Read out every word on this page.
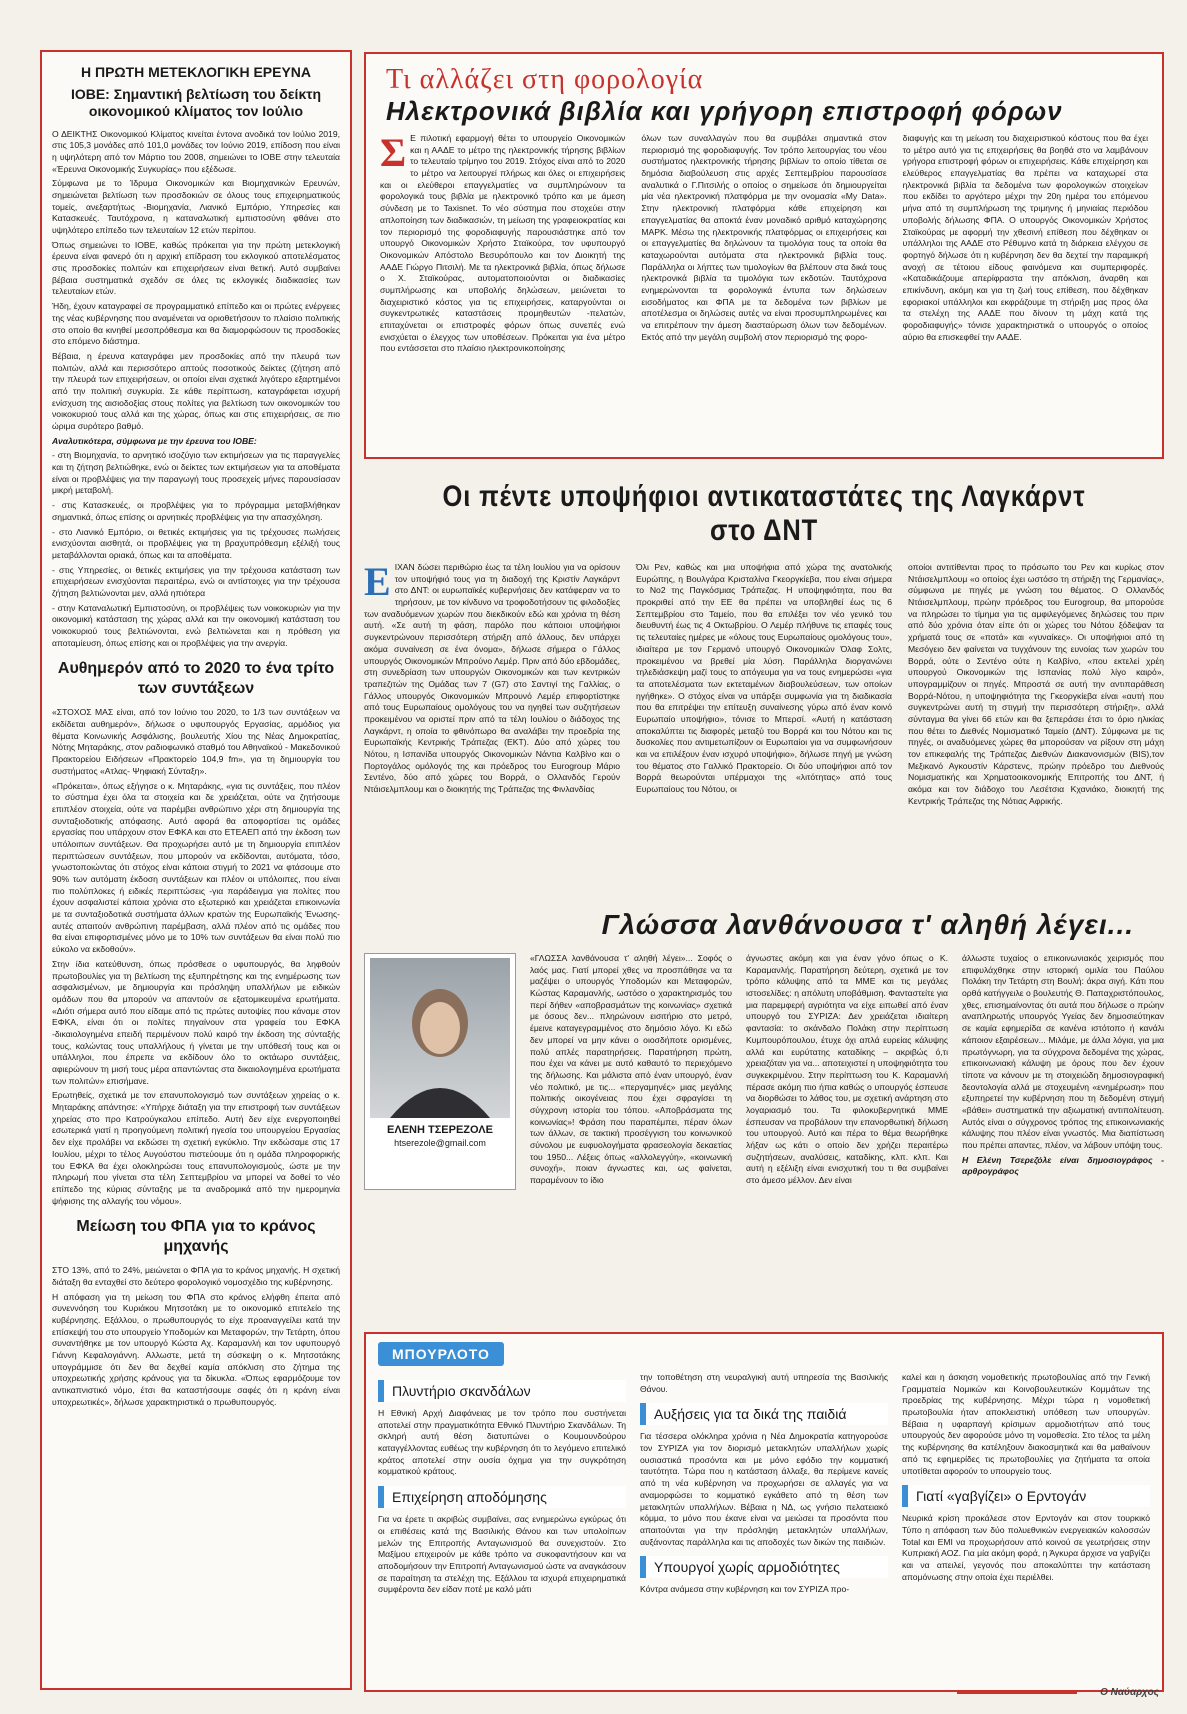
Η ΠΡΩΤΗ ΜΕΤΕΚΛΟΓΙΚΗ ΕΡΕΥΝΑ
ΙΟΒΕ: Σημαντική βελτίωση του δείκτη οικονομικού κλίματος τον Ιούλιο

Ο ΔΕΙΚΤΗΣ Οικονομικού Κλίματος κινείται έντονα ανοδικά τον Ιούλιο 2019, στις 105,3 μονάδες από 101,0 μονάδες τον Ιούνιο 2019, επίδοση που είναι η υψηλότερη από τον Μάρτιο του 2008, σημειώνει το ΙΟΒΕ στην τελευταία «Έρευνα Οικονομικής Συγκυρίας» που εξέδωσε.

Σύμφωνα με το Ίδρυμα Οικονομικών και Βιομηχανικών Ερευνών, σημειώνεται βελτίωση των προσδοκιών σε όλους τους επιχειρηματικούς τομείς, ανεξαρτήτως -Βιομηχανία, Λιανικό Εμπόριο, Υπηρεσίες και Κατασκευές. Ταυτόχρονα, η καταναλωτική εμπιστοσύνη φθάνει στο υψηλότερο επίπεδο των τελευταίων 12 ετών περίπου.

Όπως σημειώνει το ΙΟΒΕ, καθώς πρόκειται για την πρώτη μετεκλογική έρευνα είναι φανερό ότι η αρχική επίδραση του εκλογικού αποτελέσματος στις προσδοκίες πολιτών και επιχειρήσεων είναι θετική. Αυτό συμβαίνει βέβαια συστηματικά σχεδόν σε όλες τις εκλογικές διαδικασίες των τελευταίων ετών.

Ήδη, έχουν καταγραφεί σε προγραμματικό επίπεδο και οι πρώτες ενέργειες της νέας κυβέρνησης που αναμένεται να οριοθετήσουν το πλαίσιο πολιτικής στο οποίο θα κινηθεί μεσοπρόθεσμα και θα διαμορφώσουν τις προσδοκίες στο επόμενο διάστημα.

Βέβαια, η έρευνα καταγράφει μεν προσδοκίες από την πλευρά των πολιτών, αλλά και περισσότερο απτούς ποσοτικούς δείκτες (ζήτηση από την πλευρά των επιχειρήσεων, οι οποίοι είναι σχετικά λιγότερο εξαρτημένοι από την πολιτική συγκυρία. Σε κάθε περίπτωση, καταγράφεται ισχυρή ενίσχυση της αισιοδοξίας στους πολίτες για βελτίωση των οικονομικών του νοικοκυριού τους αλλά και της χώρας, όπως και στις επιχειρήσεις, σε πιο ώριμα συρότερο βαθμό.

Αναλυτικότερα, σύμφωνα με την έρευνα του ΙΟΒΕ:

- στη Βιομηχανία, το αρνητικό ισοζύγιο των εκτιμήσεων για τις παραγγελίες και τη ζήτηση βελτιώθηκε, ενώ οι δείκτες των εκτιμήσεων για τα αποθέματα είναι οι προβλέψεις για την παραγωγή τους προσεχείς μήνες παρουσίασαν μικρή μεταβολή.

- στις Κατασκευές, οι προβλέψεις για το πρόγραμμα μεταβλήθηκαν σημαντικά, όπως επίσης οι αρνητικές προβλέψεις για την απασχόληση.

- στο Λιανικό Εμπόριο, οι θετικές εκτιμήσεις για τις τρέχουσες πωλήσεις ενισχύονται αισθητά, οι προβλέψεις για τη βραχυπρόθεσμη εξέλιξή τους μεταβάλλονται οριακά, όπως και τα αποθέματα.

- στις Υπηρεσίες, οι θετικές εκτιμήσεις για την τρέχουσα κατάσταση των επιχειρήσεων ενισχύονται περαιτέρω, ενώ οι αντίστοιχες για την τρέχουσα ζήτηση βελτιώνονται μεν, αλλά ηπιότερα

- στην Καταναλωτική Εμπιστοσύνη, οι προβλέψεις των νοικοκυριών για την οικονομική κατάσταση της χώρας αλλά και την οικονομική κατάσταση του νοικοκυριού τους βελτιώνονται, ενώ βελτιώνεται και η πρόθεση για αποταμίευση, όπως επίσης και οι προβλέψεις για την ανεργία.

Αυθημερόν από το 2020 το ένα τρίτο των συντάξεων

«ΣΤΟΧΟΣ ΜΑΣ είναι, από τον Ιούνιο του 2020, το 1/3 των συντάξεων να εκδίδεται αυθημερόν», δήλωσε ο υφυπουργός Εργασίας, αρμόδιος για θέματα Κοινωνικής Ασφάλισης, βουλευτής Χίου της Νέας Δημοκρατίας, Νότης Μηταράκης, στον ραδιοφωνικό σταθμό του Αθηναϊκού - Μακεδονικού Πρακτορείου Ειδήσεων «Πρακτορείο 104,9 fm», για τη δημιουργία του συστήματος «Ατλας- Ψηφιακή Σύνταξη».

«Πρόκειται», όπως εξήγησε ο κ. Μηταράκης, «για τις συντάξεις, που πλέον το σύστημα έχει όλα τα στοιχεία και δε χρειάζεται, ούτε να ζητήσουμε επιπλέον στοιχεία, ούτε να παρέμβει ανθρώπινο χέρι στη δημιουργία της συνταξιοδοτικής απόφασης. Αυτό αφορά θα αποφορτίσει τις ομάδες εργασίας που υπάρχουν στον ΕΦΚΑ και στο ΕΤΕΑΕΠ από την έκδοση των υπόλοιπων συντάξεων. Θα προχωρήσει αυτό με τη δημιουργία επιπλέον περιπτώσεων συντάξεων, που μπορούν να εκδίδονται, αυτόματα, τόσο, γνωστοποιώντας ότι στόχος είναι κάποια στιγμή το 2021 να φτάσουμε στο 90% των αυτόματη έκδοση συντάξεων και πλέον οι υπόλοιπες, που είναι πιο πολύπλοκες ή ειδικές περιπτώσεις -για παράδειγμα για πολίτες που έχουν ασφαλιστεί κάποια χρόνια στο εξωτερικό και χρειάζεται επικοινωνία με τα συνταξιοδοτικά συστήματα άλλων κρατών της Ευρωπαϊκής Ένωσης- αυτές απαιτούν ανθρώπινη παρέμβαση, αλλά πλέον από τις ομάδες που θα είναι επιφορτισμένες μόνο με το 10% των συντάξεων θα είναι πολύ πιο εύκολο να εκδοθούν».

Στην ίδια κατεύθυνση, όπως πρόσθεσε ο υφυπουργός, θα ληφθούν πρωτοβουλίες για τη βελτίωση της εξυπηρέτησης και της ενημέρωσης των ασφαλισμένων, με δημιουργία και πρόσληψη υπαλλήλων με ειδικών ομάδων που θα μπορούν να απαντούν σε εξατομικευμένα ερωτήματα. «Διότι σήμερα αυτό που είδαμε από τις πρώτες αυτοψίες που κάναμε στον ΕΦΚΑ, είναι ότι οι πολίτες πηγαίνουν στα γραφεία του ΕΦΚΑ -δικαιολογημένα επειδή περιμένουν πολύ καιρό την έκδοση της σύνταξής τους, καλώντας τους υπαλλήλους ή γίνεται με την υπόθεσή τους και οι υπάλληλοι, που έπρεπε να εκδίδουν όλο το οκτάωρο συντάξεις, αφιερώνουν τη μισή τους μέρα απαντώντας στα δικαιολογημένα ερωτήματα των πολιτών» επισήμανε.

Ερωτηθείς, σχετικά με τον επανυπολογισμό των συντάξεων χηρείας ο κ. Μηταράκης απάντησε: «Υπήρχε διάταξη για την επιστροφή των συντάξεων χηρείας στο προ Κατρούγκαλου επίπεδο. Αυτή δεν είχε ενεργοποιηθεί εσωτερικά γιατί η προηγούμενη πολιτική ηγεσία του υπουργείου Εργασίας δεν είχε προλάβει να εκδώσει τη σχετική εγκύκλιο. Την εκδώσαμε στις 17 Ιουλίου, μέχρι το τέλος Αυγούστου πιστεύουμε ότι η ομάδα πληροφορικής του ΕΦΚΑ θα έχει ολοκληρώσει τους επανυπολογισμούς, ώστε με την πληρωμή που γίνεται στα τέλη Σεπτεμβρίου να μπορεί να δοθεί το νέο επίπεδο της κύριας σύνταξης με τα αναδρομικά από την ημερομηνία ψήφισης της αλλαγής του νόμου».

Μείωση του ΦΠΑ για το κράνος μηχανής

ΣΤΟ 13%, από το 24%, μειώνεται ο ΦΠΑ για το κράνος μηχανής. Η σχετική διάταξη θα ενταχθεί στο δεύτερο φορολογικό νομοσχέδιο της κυβέρνησης.

Η απόφαση για τη μείωση του ΦΠΑ στο κράνος ελήφθη έπειτα από συνεννόηση του Κυριάκου Μητσοτάκη με το οικονομικό επιτελείο της κυβέρνησης. Εξάλλου, ο πρωθυπουργός το είχε προαναγγείλει κατά την επίσκεψή του στο υπουργείο Υποδομών και Μεταφορών, την Τετάρτη, όπου συναντήθηκε με τον υπουργό Κώστα Αχ. Καραμανλή και τον υφυπουργό Γιάννη Κεφαλογιάννη. Αλλωστε, μετά τη σύσκεψη ο κ. Μητσοτάκης υπογράμμισε ότι δεν θα δεχθεί καμία απόκλιση στο ζήτημα της υποχρεωτικής χρήσης κράνους για τα δίκυκλα. «Όπως εφαρμόζουμε τον αντικαπνιστικό νόμο, έτσι θα καταστήσουμε σαφές ότι η κράνη είναι υποχρεωτικές», δήλωσε χαρακτηριστικά ο πρωθυπουργός.

Τι αλλάζει στη φορολογία
Ηλεκτρονικά βιβλία και γρήγορη επιστροφή φόρων
Σ Ε πιλοτική εφαρμογή θέτει το υπουργείο Οικονομικών και η ΑΑΔΕ το μέτρο της ηλεκτρονικής τήρησης βιβλίων το τελευταίο τρίμηνο του 2019. Στόχος είναι από το 2020 το μέτρο να λειτουργεί πλήρως και όλες οι επιχειρήσεις και οι ελεύθεροι επαγγελματίες να συμπληρώνουν τα φορολογικά τους βιβλία με ηλεκτρονικό τρόπο και με άμεση σύνδεση με το Taxisnet. Το νέο σύστημα που στοχεύει στην απλοποίηση των διαδικασιών, τη μείωση της γραφειοκρατίας και τον περιορισμό της φοροδιαφυγής παρουσιάστηκε από τον υπουργό Οικονομικών Χρήστο Σταϊκούρα, τον υφυπουργό Οικονομικών Απόστολο Βεσυρόπουλο και τον Διοικητή της ΑΑΔΕ Γιώργο Πιτσιλή. Με τα ηλεκτρονικά βιβλία, όπως δήλωσε ο Χ. Σταϊκούρας, αυτοματοποιούνται οι διαδικασίες συμπλήρωσης και υποβολής δηλώσεων, μειώνεται το διαχειριστικό κόστος για τις επιχειρήσεις, καταργούνται οι συγκεντρωτικές καταστάσεις προμηθευτών -πελατών, επιταχύνεται οι επιστροφές φόρων όπως συνεπές ενώ ενισχύεται ο έλεγχος των υποθέσεων. Πρόκειται για ένα μέτρο που εντάσσεται στο πλαίσιο ηλεκτρονικοποίησης

όλων των συναλλαγών που θα συμβάλει σημαντικά στον περιορισμό της φοροδιαφυγής. Τον τρόπο λειτουργίας του νέου συστήματος ηλεκτρονικής τήρησης βιβλίων το οποίο τίθεται σε δημόσια διαβούλευση στις αρχές Σεπτεμβρίου παρουσίασε αναλυτικά ο Γ.Πιτσιλής ο οποίος ο σημείωσε ότι δημιουργείται μία νέα ηλεκτρονική πλατφόρμα με την ονομασία «My Data». Στην ηλεκτρονική πλατφόρμα κάθε επιχείρηση και επαγγελματίας θα αποκτά έναν μοναδικό αριθμό καταχώρησης ΜΑΡΚ. Μέσω της ηλεκτρονικής πλατφόρμας οι επιχειρήσεις και οι επαγγελματίες θα δηλώνουν τα τιμολόγια τους τα οποία θα καταχωρούνται αυτόματα στα ηλεκτρονικά βιβλία τους. Παράλληλα οι λήπτες των τιμολογίων θα βλέπουν στα δικά τους ηλεκτρονικά βιβλία τα τιμολόγια των εκδοτών. Ταυτόχρονα ενημερώνονται τα φορολογικά έντυπα των δηλώσεων εισοδήματος και ΦΠΑ με τα δεδομένα των βιβλίων με αποτέλεσμα οι δηλώσεις αυτές να είναι προσυμπληρωμένες και να επιτρέπουν την άμεση διασταύρωση όλων των δεδομένων. Εκτός από την μεγάλη συμβολή στον περιορισμό της φορο-

διαφυγής και τη μείωση του διαχειριστικού κόστους που θα έχει το μέτρο αυτό για τις επιχειρήσεις θα βοηθά στο να λαμβάνουν γρήγορα επιστροφή φόρων οι επιχειρήσεις. Κάθε επιχείρηση και ελεύθερος επαγγελματίας θα πρέπει να καταχωρεί στα ηλεκτρονικά βιβλία τα δεδομένα των φορολογικών στοιχείων που εκδίδει το αργότερο μέχρι την 20η ημέρα του επόμενου μήνα από τη συμπλήρωση της τριμηνης ή μηνιαίας περιόδου υποβολής δήλωσης ΦΠΑ. Ο υπουργός Οικονομικών Χρήστος Σταϊκούρας με αφορμή την χθεσινή επίθεση που δέχθηκαν οι υπάλληλοι της ΑΑΔΕ στο Ρέθυμνο κατά τη διάρκεια ελέγχου σε φορτηγό δήλωσε ότι η κυβέρνηση δεν θα δεχτεί την παραμικρή ανοχή σε τέτοιου είδους φαινόμενα και συμπεριφορές. «Καταδικάζουμε απερίφραστα την απόκλιση, άναρθη και επικίνδυνη, ακόμη και για τη ζωή τους επίθεση, που δέχθηκαν εφοριακοί υπάλληλοι και εκφράζουμε τη στήριξη μας προς όλα τα στελέχη της ΑΑΔΕ που δίνουν τη μάχη κατά της φοροδιαφυγής» τόνισε χαρακτηριστικά ο υπουργός ο οποίος αύριο θα επισκεφθεί την ΑΑΔΕ.

Οι πέντε υποψήφιοι αντικαταστάτες της Λαγκάρντ στο ΔΝΤ
Ε ΙΧΑΝ δώσει περιθώριο έως τα τέλη Ιουλίου για να ορίσουν τον υποψήφιό τους για τη διαδοχή της Κριστίν Λαγκάρντ στο ΔΝΤ: οι ευρωπαϊκές κυβερνήσεις δεν κατάφεραν να το τηρήσουν, με τον κίνδυνο να τροφοδοτήσουν τις φιλοδοξίες των αναδυόμενων χωρών που διεκδικούν εδώ και χρόνια τη θέση αυτή. «Σε αυτή τη φάση, παρόλο που κάποιοι υποψήφιοι συγκεντρώνουν περισσότερη στήριξη από άλλους, δεν υπάρχει ακόμα συναίνεση σε ένα όνομα», δήλωσε σήμερα ο Γάλλος υπουργός Οικονομικών Μπρούνο Λεμέρ. Πριν από δύο εβδομάδες, στη συνεδρίαση των υπουργών Οικονομικών και των κεντρικών τραπεζιτών της Ομάδας των 7 (G7) στο Σαντιγί της Γαλλίας, ο Γάλλος υπουργός Οικονομικών Μπρουνό Λεμέρ επιφορτίστηκε από τους Ευρωπαίους ομολόγους του να ηγηθεί των συζητήσεων προκειμένου να οριστεί πριν από τα τέλη Ιουλίου ο διάδοχος της Λαγκάρντ, η οποία το φθινόπωρο θα αναλάβει την προεδρία της Ευρωπαϊκής Κεντρικής Τράπεζας (ΕΚΤ). Δύο από χώρες του Νότου, η Ισπανίδα υπουργός Οικονομικών Νάντια Καλβίνο και ο Πορτογάλος ομόλογός της και πρόεδρος του Eurogroup Μάριο Σεντένο, δύο από χώρες του Βορρά, ο Ολλανδός Γερούν Ντάισελμπλουμ και ο διοικητής της Τράπεζας της Φινλανδίας

Όλι Ρεν, καθώς και μια υποψήφια από χώρα της ανατολικής Ευρώπης, η Βουλγάρα Κρισταλίνα Γκεοργκίεβα, που είναι σήμερα το Νο2 της Παγκόσμιας Τράπεζας. Η υποψηφιότητα, που θα προκριθεί από την ΕΕ θα πρέπει να υποβληθεί έως τις 6 Σεπτεμβρίου στο Ταμείο, που θα επιλέξει τον νέο γενικό του διευθυντή έως τις 4 Οκτωβρίου. Ο Λεμέρ πλήθυνε τις επαφές τους τις τελευταίες ημέρες με «όλους τους Ευρωπαίους ομολόγους του», ιδιαίτερα με τον Γερμανό υπουργό Οικονομικών Όλαφ Σολτς, προκειμένου να βρεθεί μία λύση. Παράλληλα διοργανώνει τηλεδιάσκεψη μαζί τους το απόγευμα για να τους ενημερώσει «για τα αποτελέσματα των εκτεταμένων διαβουλεύσεων, των οποίων ηγήθηκε». Ο στόχος είναι να υπάρξει συμφωνία για τη διαδικασία που θα επιτρέψει την επίτευξη συναίνεσης γύρω από έναν κοινό Ευρωπαίο υποψήφιο», τόνισε το Μπερσί. «Αυτή η κατάσταση αποκαλύπτει τις διαφορές μεταξύ του Βορρά και του Νότου και τις δυσκολίες που αντιμετωπίζουν οι Ευρωπαίοι για να συμφωνήσουν και να επιλέξουν έναν ισχυρό υποψήφιο», δήλωσε πηγή με γνώση του θέματος στο Γαλλικό Πρακτορείο. Οι δύο υποψήφιοι από τον Βορρά θεωρούνται υπέρμαχοι της «λιτότητας» από τους Ευρωπαίους του Νότου, οι

οποίοι αντιτίθενται προς το πρόσωπο του Ρεν και κυρίως στον Ντάισελμπλουμ «ο οποίος έχει ωστόσο τη στήριξη της Γερμανίας», σύμφωνα με πηγές με γνώση του θέματος. Ο Ολλανδός Ντάισελμπλουμ, πρώην πρόεδρος του Eurogroup, θα μπορούσε να πληρώσει το τίμημα για τις αμφιλεγόμενες δηλώσεις του πριν από δύο χρόνια όταν είπε ότι οι χώρες του Νότου ξόδεψαν τα χρήματά τους σε «ποτά» και «γυναίκες». Οι υποψήφιοι από τη Μεσόγειο δεν φαίνεται να τυγχάνουν της ευνοίας των χωρών του Βορρά, ούτε ο Σεντένο ούτε η Καλβίνο, «που εκτελεί χρέη υπουργού Οικονομικών της Ισπανίας πολύ λίγο καιρό», υπογραμμίζουν οι πηγές. Μπροστά σε αυτή την αντιπαράθεση Βορρά-Νότου, η υποψηφιότητα της Γκεοργκίεβα είναι «αυτή που συγκεντρώνει αυτή τη στιγμή την περισσότερη στήριξη», αλλά σύνταγμα θα γίνει 66 ετών και θα ξεπεράσει έτσι το όριο ηλικίας που θέτει το Διεθνές Νομισματικό Ταμείο (ΔΝΤ). Σύμφωνα με τις πηγές, οι αναδυόμενες χώρες θα μπορούσαν να ρίξουν στη μάχη τον επικεφαλής της Τράπεζας Διεθνών Διακανονισμών (BIS),τον Μεξικανό Αγκουστίν Κάρστενς, πρώην πρόεδρο του Διεθνούς Νομισματικής και Χρηματοοικονομικής Επιτροπής του ΔΝΤ, ή ακόμα και τον διάδοχο του Λεσέτσια Κχανιάκο, διοικητή της Κεντρικής Τράπεζας της Νότιας Αφρικής.

Γλώσσα λανθάνουσα τ' αληθή λέγει...
ΕΛΕΝΗ ΤΣΕΡΕΖΟΛΕ
htserezole@gmail.com

«ΓΛΩΣΣΑ λανθάνουσα τ' αληθή λέγει»... Σοφός ο λαός μας. Γιατί μπορεί χθες να προσπάθησε να τα μαζέψει ο υπουργός Υποδομών και Μεταφορών, Κώστας Καραμανλής, ωστόσο ο χαρακτηρισμός του περί δήθεν «αποβρασμάτων της κοινωνίας» σχετικά με όσους δεν... πληρώνουν εισιτήριο στο μετρό, έμεινε καταγεγραμμένος στο δημόσιο λόγο. Κι εδώ δεν μπορεί να μην κάνει ο οιοσδήποτε ορισμένες, πολύ απλές παρατηρήσεις. Παρατήρηση πρώτη, που έχει να κάνει με αυτό καθαυτό το περιεχόμενο της δήλωσης. Και μάλιστα από έναν υπουργό, έναν νέο πολιτικό, με τις... «περγαμηνές» μιας μεγάλης πολιτικής οικογένειας που έχει σφραγίσει τη σύγχρονη ιστορία του τόπου. «Αποβράσματα της κοινωνίας»! Φράση που παραπέμπει, πέραν όλων των άλλων, σε τακτική προσέγγιση του κοινωνικού σύνολου με ευφυολογήματα φρασεολογία δεκαετίας του 1950... Λέξεις όπως «αλλολεγγύη», «κοινωνική συνοχή», ποιαν άγνωστες και, ως φαίνεται, παραμένουν το ίδιο

άγνωστες ακόμη και για έναν γόνο όπως ο Κ. Καραμανλής. Παρατήρηση δεύτερη, σχετικά με τον τρόπο κάλυψης από τα ΜΜΕ και τις μεγάλες ιστοσελίδες: η απόλυτη υποβάθμιση. Φανταστείτε για μια παρεμφερή αγριότητα να είχε ειπωθεί από έναν υπουργό του ΣΥΡΙΖΑ: Δεν χρειάζεται ιδιαίτερη φαντασία: το σκάνδαλο Πολάκη στην περίπτωση Κυμπουρόπουλου, έτυχε όχι απλά ευρείας κάλυψης αλλά και ευρύτατης καταδίκης – ακριβώς ό,τι χρειαζόταν για να... αποτειχιστεί η υποψηφιότητα του συγκεκριμένου. Στην περίπτωση του Κ. Καραμανλή πέρασε ακόμη πιο ήπια καθώς ο υπουργός έσπευσε να διορθώσει το λάθος του, με σχετική ανάρτηση στο λογαριασμό του. Τα φιλοκυβερνητικά ΜΜΕ έσπευσαν να προβάλουν την επανορθωτική δήλωση του υπουργού. Αυτό και πέρα το θέμα θεωρήθηκε λήξαν ως κάτι ο οποίο δεν χρήζει περαιτέρω συζητήσεων, αναλύσεις, καταδίκης, κλπ. κλπ. Και αυτή η εξέλιξη είναι ενισχυτική του τι θα συμβαίνει στο άμεσο μέλλον. Δεν είναι

άλλωστε τυχαίος ο επικοινωνιακός χειρισμός που επιφυλάχθηκε στην ιστορική ομιλία του Παύλου Πολάκη την Τετάρτη στη Βουλή: άκρα σιγή. Κάτι που ορθά κατήγγειλε ο βουλευτής Θ. Παπαχριστόπουλος, χθες, επισημαίνοντας ότι αυτά που δήλωσε ο πρώην αναπληρωτής υπουργός Υγείας δεν δημοσιεύτηκαν σε καμία εφημερίδα σε κανένα ιστότοπο ή κανάλι κάποιον εξαιρέσεων... Μιλάμε, με άλλα λόγια, για μια πρωτόγνωρη, για τα σύγχρονα δεδομένα της χώρας, επικοινωνιακή κάλυψη με όρους που δεν έχουν τίποτε να κάνουν με τη στοιχειώδη δημοσιογραφική δεοντολογία αλλά με στοχευμένη «ενημέρωση» που εξυπηρετεί την κυβέρνηση που τη δεδομένη στιγμή «βάθει» συστηματικά την αξιωματική αντιπολίτευση. Αυτός είναι ο σύγχρονος τρόπος της επικοινωνιακής κάλυψης που πλέον είναι γνωστός. Μια διαπίστωση που πρέπει απαντες, πλέον, να λάβουν υπόψη τους.

Η Ελένη Τσερεζόλε είναι δημοσιογράφος - αρθρογράφος

ΜΠΟΥΡΛΟΤΟ
Πλυντήριο σκανδάλων

Η Εθνική Αρχή Διαφάνειας με τον τρόπο που συστήνεται αποτελεί στην πραγματικότητα Εθνικό Πλυντήριο Σκανδάλων. Τη σκληρή αυτή θέση διατυπώνει ο Κουμουνδούρου καταγγέλλοντας ευθέως την κυβέρνηση ότι το λεγόμενο επιτελικό κράτος αποτελεί στην ουσία όχημα για την συγκρότηση κομματικού κράτους.

Επιχείρηση αποδόμησης

Για να έρετε τι ακριβώς συμβαίνει, σας ενημερώνω εγκύρως ότι οι επιθέσεις κατά της Βασιλικής Θάνου και των υπολοίπων μελών της Επιτροπής Ανταγωνισμού θα συνεχιστούν. Στο Μαξίμου επιχειρούν με κάθε τρόπο να συκοφαντήσουν και να αποδομήσουν την Επιτροπή Ανταγωνισμού ώστε να αναγκάσουν σε παραίτηση τα στελέχη της. Εξάλλου τα ισχυρά επιχειρηματικά συμφέροντα δεν είδαν ποτέ με καλό μάτι

την τοποθέτηση στη νευραλγική αυτή υπηρεσία της Βασιλικής Θάνου.

Αυξήσεις για τα δικά της παιδιά

Για τέσσερα ολόκληρα χρόνια η Νέα Δημοκρατία κατηγορούσε τον ΣΥΡΙΖΑ για τον διορισμό μετακλητών υπαλλήλων χωρίς ουσιαστικά προσόντα και με μόνο εφόδιο την κομματική ταυτότητα. Τώρα που η κατάσταση άλλαξε, θα περίμενε κανείς από τη νέα κυβέρνηση να προχωρήσει σε αλλαγές για να αναμορφώσει το κομματικό εγκάθετο από τη θέση των μετακλητών υπαλλήλων. Βέβαια η ΝΔ, ως γνήσιο πελατειακό κόμμα, το μόνο που έκανε είναι να μειώσει τα προσόντα που απαιτούνται για την πρόσληψη μετακλητών υπαλλήλων, αυξάνοντας παράλληλα και τις αποδοχές των δικών της παιδιών.

Υπουργοί χωρίς αρμοδιότητες

Κόντρα ανάμεσα στην κυβέρνηση και τον ΣΥΡΙΖΑ προ-

καλεί και η άσκηση νομοθετικής πρωτοβουλίας από την Γενική Γραμματεία Νομικών και Κοινοβουλευτικών Κομμάτων της προεδρίας της κυβέρνησης. Μέχρι τώρα η νομοθετική πρωτοβουλία ήταν αποκλειστική υπόθεση των υπουργών. Βέβαια η υφαρπαγή κρίσιμων αρμοδιοτήτων από τους υπουργούς δεν αφορούσε μόνο τη νομοθεσία. Στο τέλος τα μέλη της κυβέρνησης θα κατέληξουν διακοσμητικά και θα μαθαίνουν από τις εφημερίδες τις πρωτοβουλίες για ζητήματα τα οποία υποτίθεται αφορούν το υπουργείο τους.

Γιατί «γαβγίζει» ο Ερντογάν

Νευρικά κρίση προκάλεσε στον Ερντογάν και στον τουρκικό Τύπο η απόφαση των δύο πολυεθνικών ενεργειακών κολοσσών Total και ΕΜΙ να προχωρήσουν από κοινού σε γεωτρήσεις στην Κυπριακή ΑΟΖ. Για μία ακόμη φορά, η Άγκυρα άρχισε να γαβγίζει και να απειλεί, γεγονός που αποκαλύπτει την κατάσταση απομόνωσης στην οποία έχει περιέλθει.

Ο Ναύαρχος
